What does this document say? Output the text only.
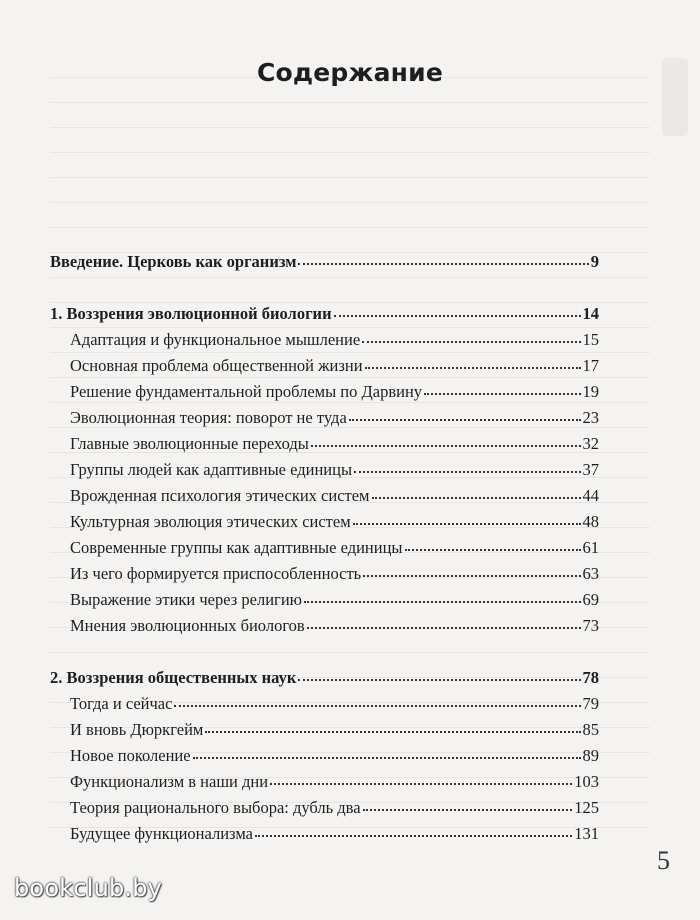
Содержание
Введение. Церковь как организм	9
1. Воззрения эволюционной биологии	14
Адаптация и функциональное мышление	15
Основная проблема общественной жизни	17
Решение фундаментальной проблемы по Дарвину	19
Эволюционная теория: поворот не туда	23
Главные эволюционные переходы	32
Группы людей как адаптивные единицы	37
Врожденная психология этических систем	44
Культурная эволюция этических систем	48
Современные группы как адаптивные единицы	61
Из чего формируется приспособленность	63
Выражение этики через религию	69
Мнения эволюционных биологов	73
2. Воззрения общественных наук	78
Тогда и сейчас	79
И вновь Дюркгейм	85
Новое поколение	89
Функционализм в наши дни	103
Теория рационального выбора: дубль два	125
Будущее функционализма	131
5
bookclub.by
